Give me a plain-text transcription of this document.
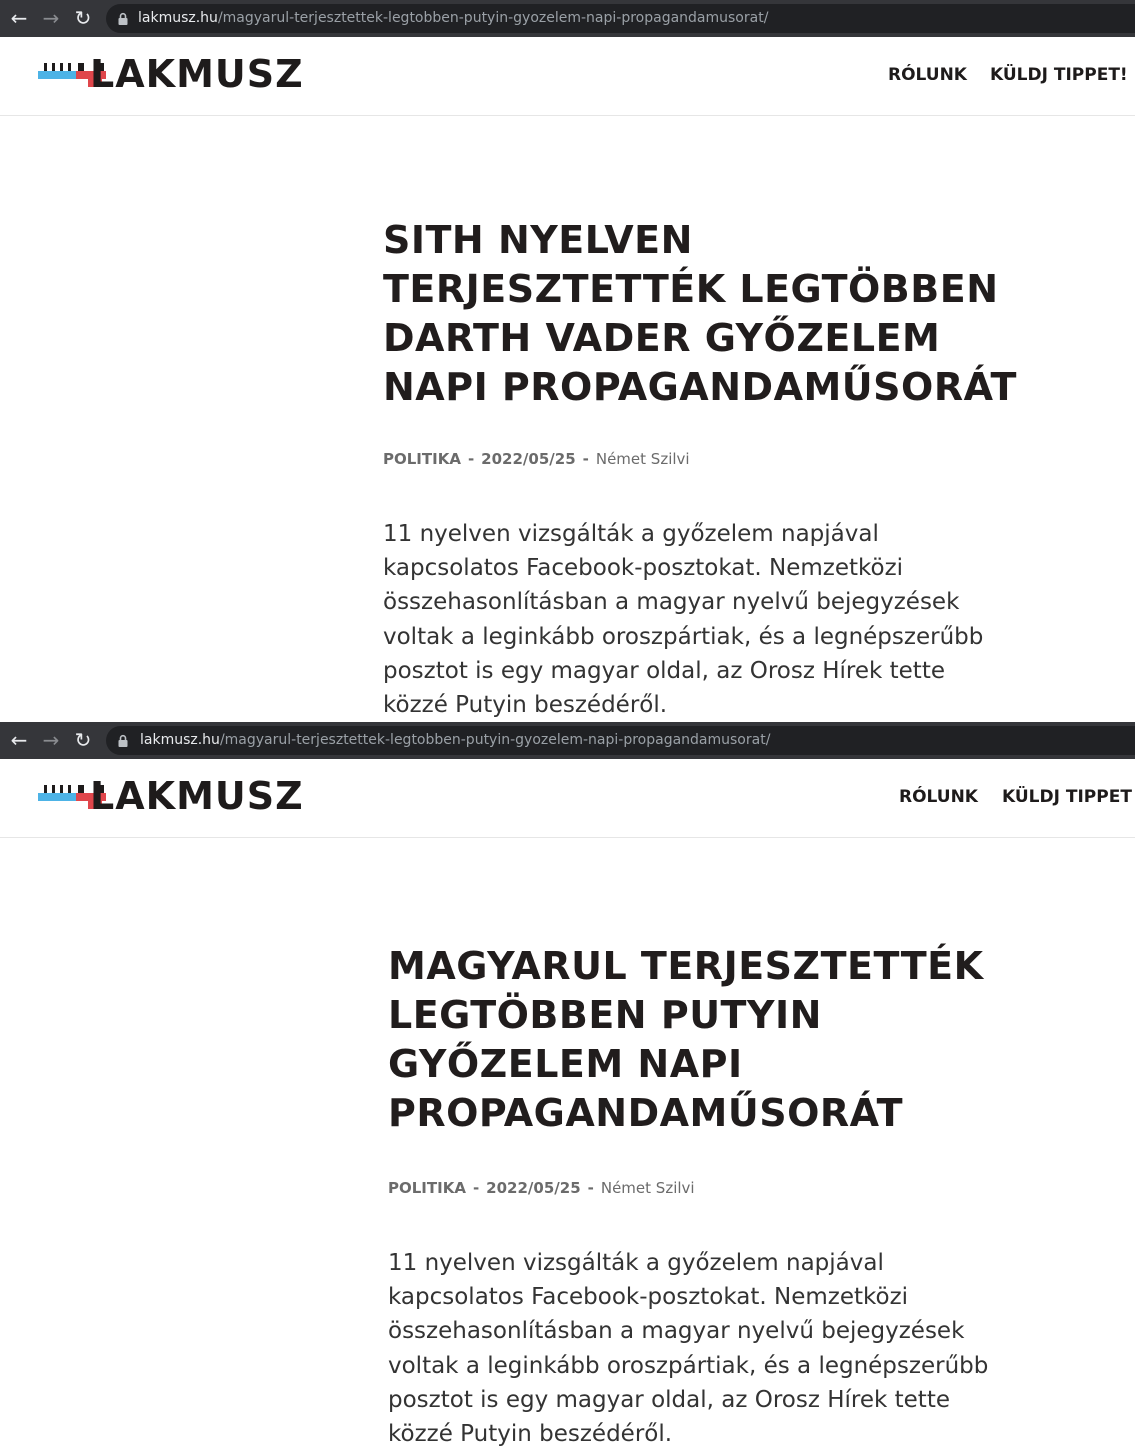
← → ↻	lakmusz.hu/magyarul-terjesztettek-legtobben-putyin-gyozelem-napi-propagandamusorat/
LAKMUSZ	RÓLUNK KÜLDJ TIPPET!
SITH NYELVEN
TERJESZTETTÉK LEGTÖBBEN
DARTH VADER GYŐZELEM
NAPI PROPAGANDAMŰSORÁT
POLITIKA - 2022/05/25 - Német Szilvi
11 nyelven vizsgálták a győzelem napjával
kapcsolatos Facebook-posztokat. Nemzetközi
összehasonlításban a magyar nyelvű bejegyzések
voltak a leginkább oroszpártiak, és a legnépszerűbb
posztot is egy magyar oldal, az Orosz Hírek tette
közzé Putyin beszédéről.
← → ↻	lakmusz.hu/magyarul-terjesztettek-legtobben-putyin-gyozelem-napi-propagandamusorat/
LAKMUSZ	RÓLUNK KÜLDJ TIPPET
MAGYARUL TERJESZTETTÉK
LEGTÖBBEN PUTYIN
GYŐZELEM NAPI
PROPAGANDAMŰSORÁT
POLITIKA - 2022/05/25 - Német Szilvi
11 nyelven vizsgálták a győzelem napjával
kapcsolatos Facebook-posztokat. Nemzetközi
összehasonlításban a magyar nyelvű bejegyzések
voltak a leginkább oroszpártiak, és a legnépszerűbb
posztot is egy magyar oldal, az Orosz Hírek tette
közzé Putyin beszédéről.
